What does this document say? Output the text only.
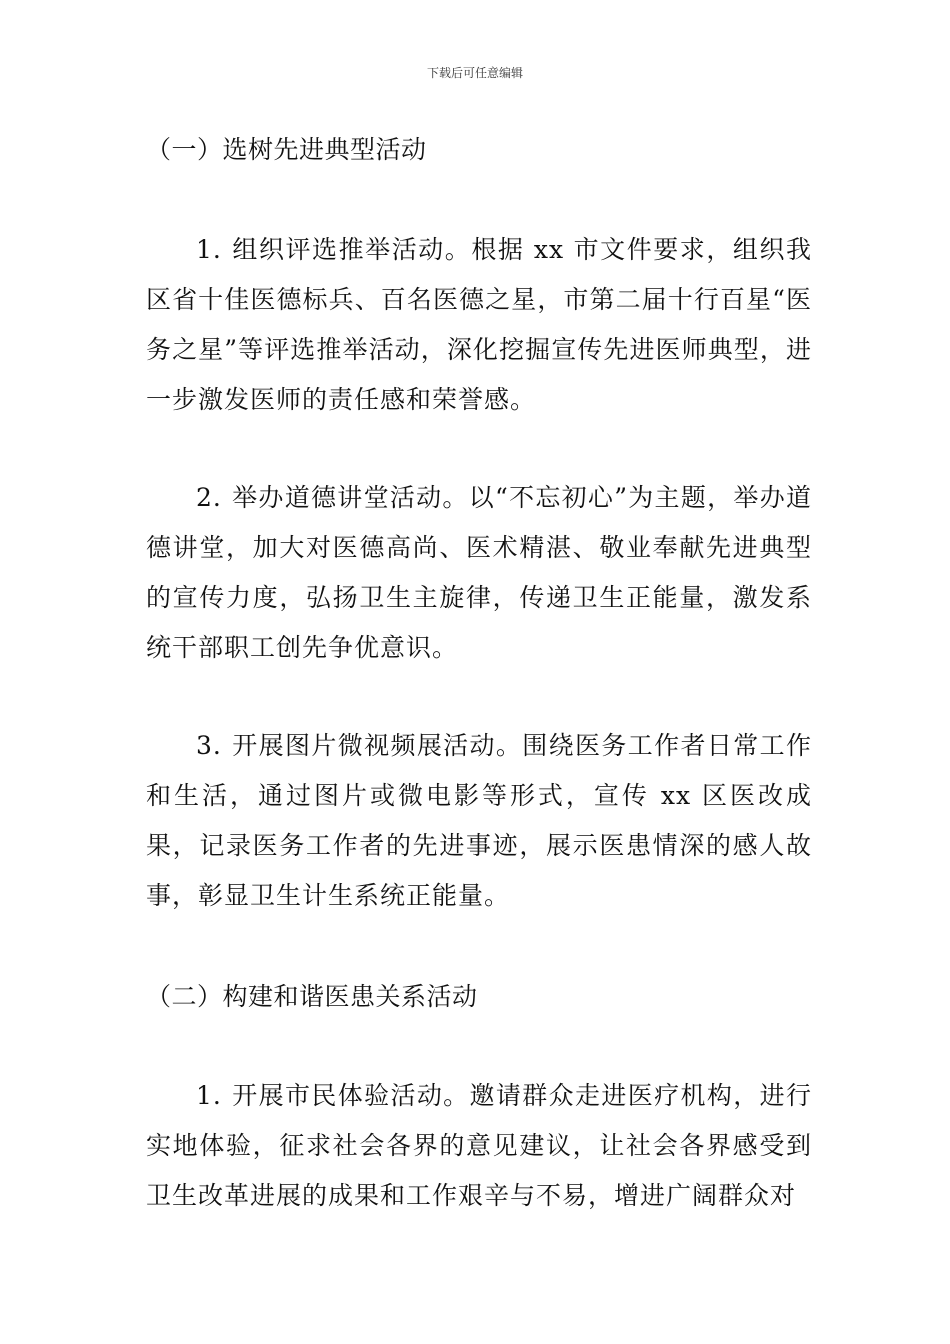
下载后可任意编辑
（一）选树先进典型活动
1. 组织评选推举活动。根据 xx 市文件要求，组织我区省十佳医德标兵、百名医德之星，市第二届十行百星“医务之星”等评选推举活动，深化挖掘宣传先进医师典型，进一步激发医师的责任感和荣誉感。
2. 举办道德讲堂活动。以“不忘初心”为主题，举办道德讲堂，加大对医德高尚、医术精湛、敬业奉献先进典型的宣传力度，弘扬卫生主旋律，传递卫生正能量，激发系统干部职工创先争优意识。
3. 开展图片微视频展活动。围绕医务工作者日常工作和生活，通过图片或微电影等形式，宣传 xx 区医改成果，记录医务工作者的先进事迹，展示医患情深的感人故事，彰显卫生计生系统正能量。
（二）构建和谐医患关系活动
1. 开展市民体验活动。邀请群众走进医疗机构，进行实地体验，征求社会各界的意见建议，让社会各界感受到卫生改革进展的成果和工作艰辛与不易，增进广阔群众对
